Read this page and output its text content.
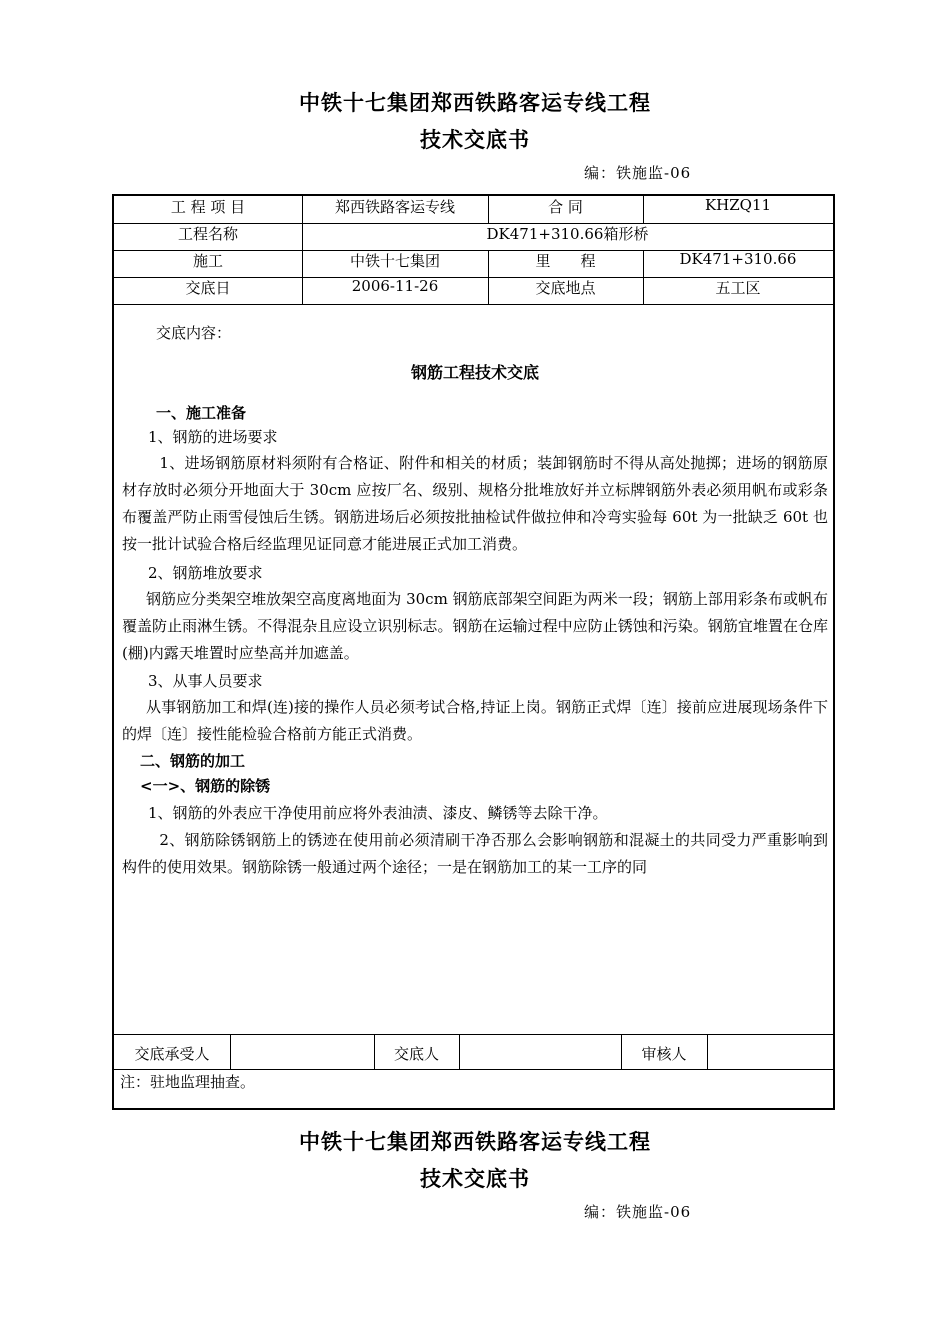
中铁十七集团郑西铁路客运专线工程
技术交底书
编：铁施监-06
工 程 项 目	郑西铁路客运专线	合 同	KHZQ11
工程名称	DK471+310.66箱形桥
施工	中铁十七集团	里　　程	DK471+310.66
交底日	2006-11-26	交底地点	五工区
交底内容：
钢筋工程技术交底
一、施工准备
1、钢筋的进场要求
　1、进场钢筋原材料须附有合格证、附件和相关的材质；装卸钢筋时不得从高处抛掷；进场的钢筋原材存放时必须分开地面大于 30cm 应按厂名、级别、规格分批堆放好并立标牌钢筋外表必须用帆布或彩条布覆盖严防止雨雪侵蚀后生锈。钢筋进场后必须按批抽检试件做拉伸和冷弯实验每 60t 为一批缺乏 60t 也按一批计试验合格后经监理见证同意才能进展正式加工消费。
2、钢筋堆放要求
钢筋应分类架空堆放架空高度离地面为 30cm 钢筋底部架空间距为两米一段；钢筋上部用彩条布或帆布覆盖防止雨淋生锈。不得混杂且应设立识别标志。钢筋在运输过程中应防止锈蚀和污染。钢筋宜堆置在仓库(棚)内露天堆置时应垫高并加遮盖。
3、从事人员要求
从事钢筋加工和焊(连)接的操作人员必须考试合格,持证上岗。钢筋正式焊〔连〕接前应进展现场条件下的焊〔连〕接性能检验合格前方能正式消费。
二、钢筋的加工
<一>、钢筋的除锈
1、钢筋的外表应干净使用前应将外表油渍、漆皮、鳞锈等去除干净。
　2、钢筋除锈钢筋上的锈迹在使用前必须清刷干净否那么会影响钢筋和混凝土的共同受力严重影响到构件的使用效果。钢筋除锈一般通过两个途径；一是在钢筋加工的某一工序的同
交底承受人	交底人	审核人
注：驻地监理抽查。
中铁十七集团郑西铁路客运专线工程
技术交底书
编：铁施监-06
